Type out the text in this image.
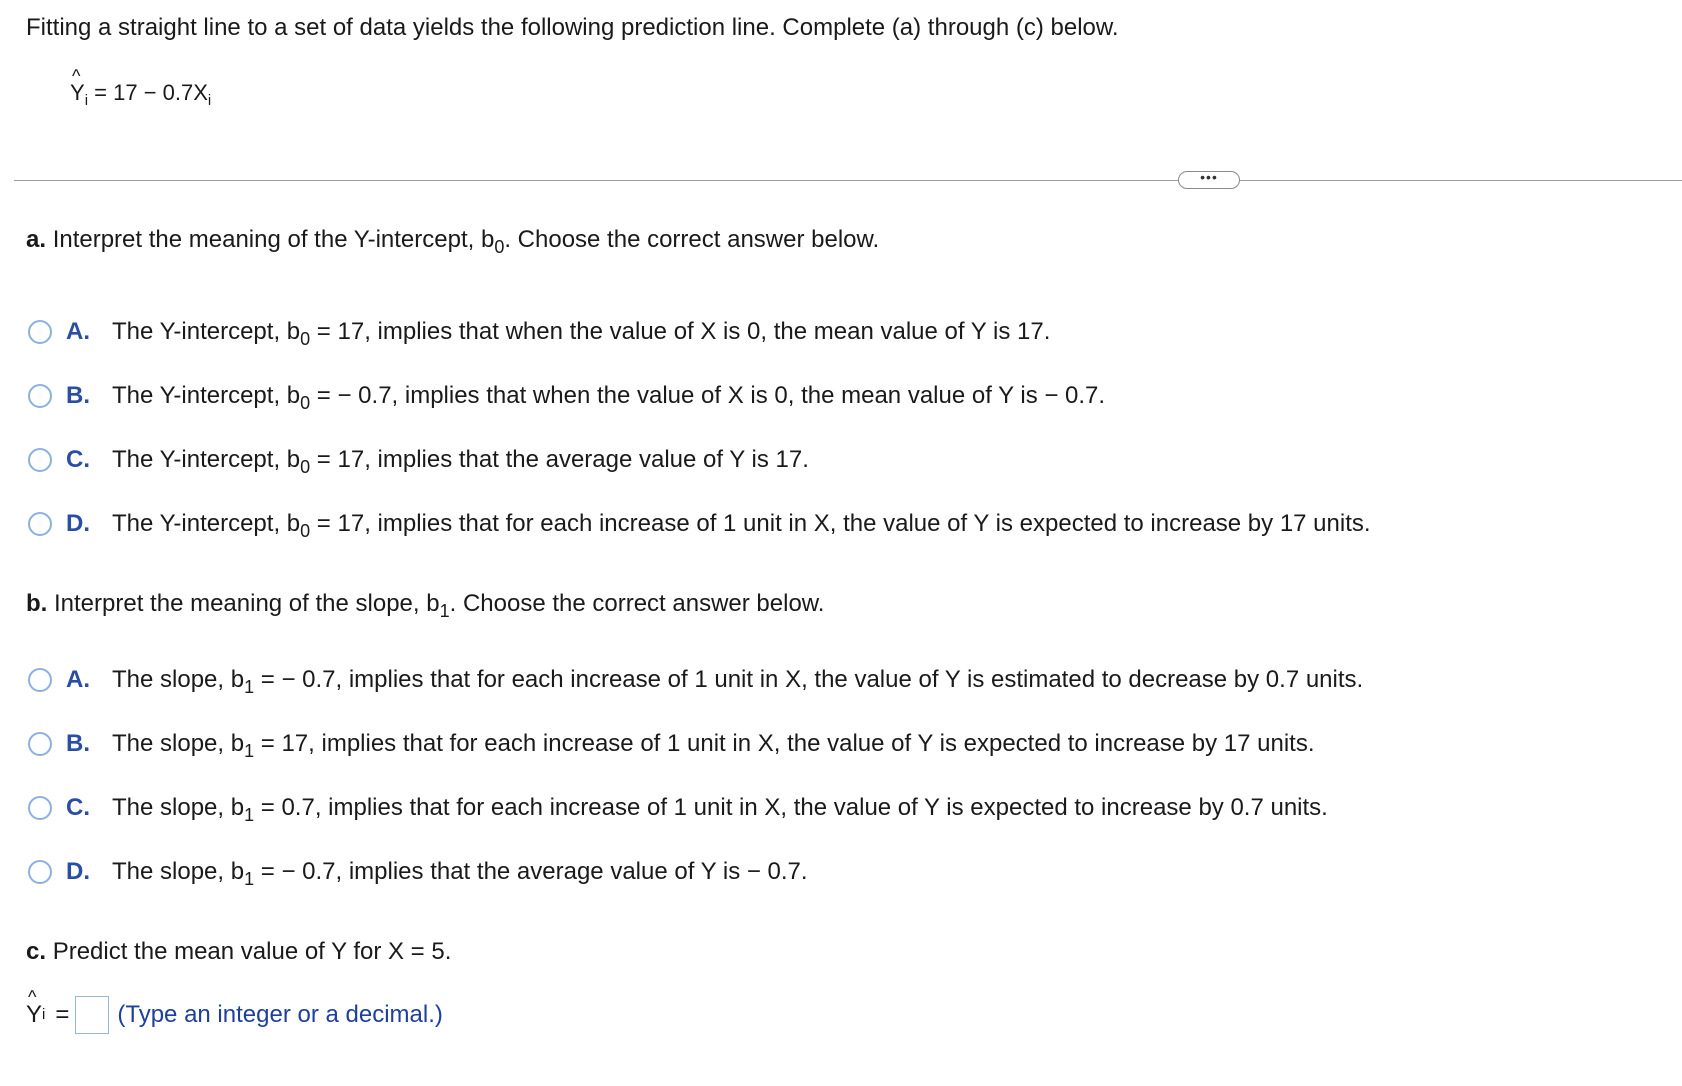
Fitting a straight line to a set of data yields the following prediction line. Complete (a) through (c) below.
^ $Y_i = 17 - 0.7X_i$
•••
a. Interpret the meaning of the Y-intercept, $b_0$. Choose the correct answer below.
A. The Y-intercept, $b_0 = 17$, implies that when the value of X is 0, the mean value of Y is 17.
B. The Y-intercept, $b_0$ = − 0.7, implies that when the value of X is 0, the mean value of Y is − 0.7.
C. The Y-intercept, $b_0 = 17$, implies that the average value of Y is 17.
D. The Y-intercept, $b_0 = 17$, implies that for each increase of 1 unit in X, the value of Y is expected to increase by 17 units.
b. Interpret the meaning of the slope, $b_1$. Choose the correct answer below.
A. The slope, $b_1$ = − 0.7, implies that for each increase of 1 unit in X, the value of Y is estimated to decrease by 0.7 units.
B. The slope, $b_1 = 17$, implies that for each increase of 1 unit in X, the value of Y is expected to increase by 17 units.
C. The slope, $b_1 = 0.7$, implies that for each increase of 1 unit in X, the value of Y is expected to increase by 0.7 units.
D. The slope, $b_1$ = − 0.7, implies that the average value of Y is − 0.7.
c. Predict the mean value of Y for X = 5.
^ Y i = (Type an integer or a decimal.)
